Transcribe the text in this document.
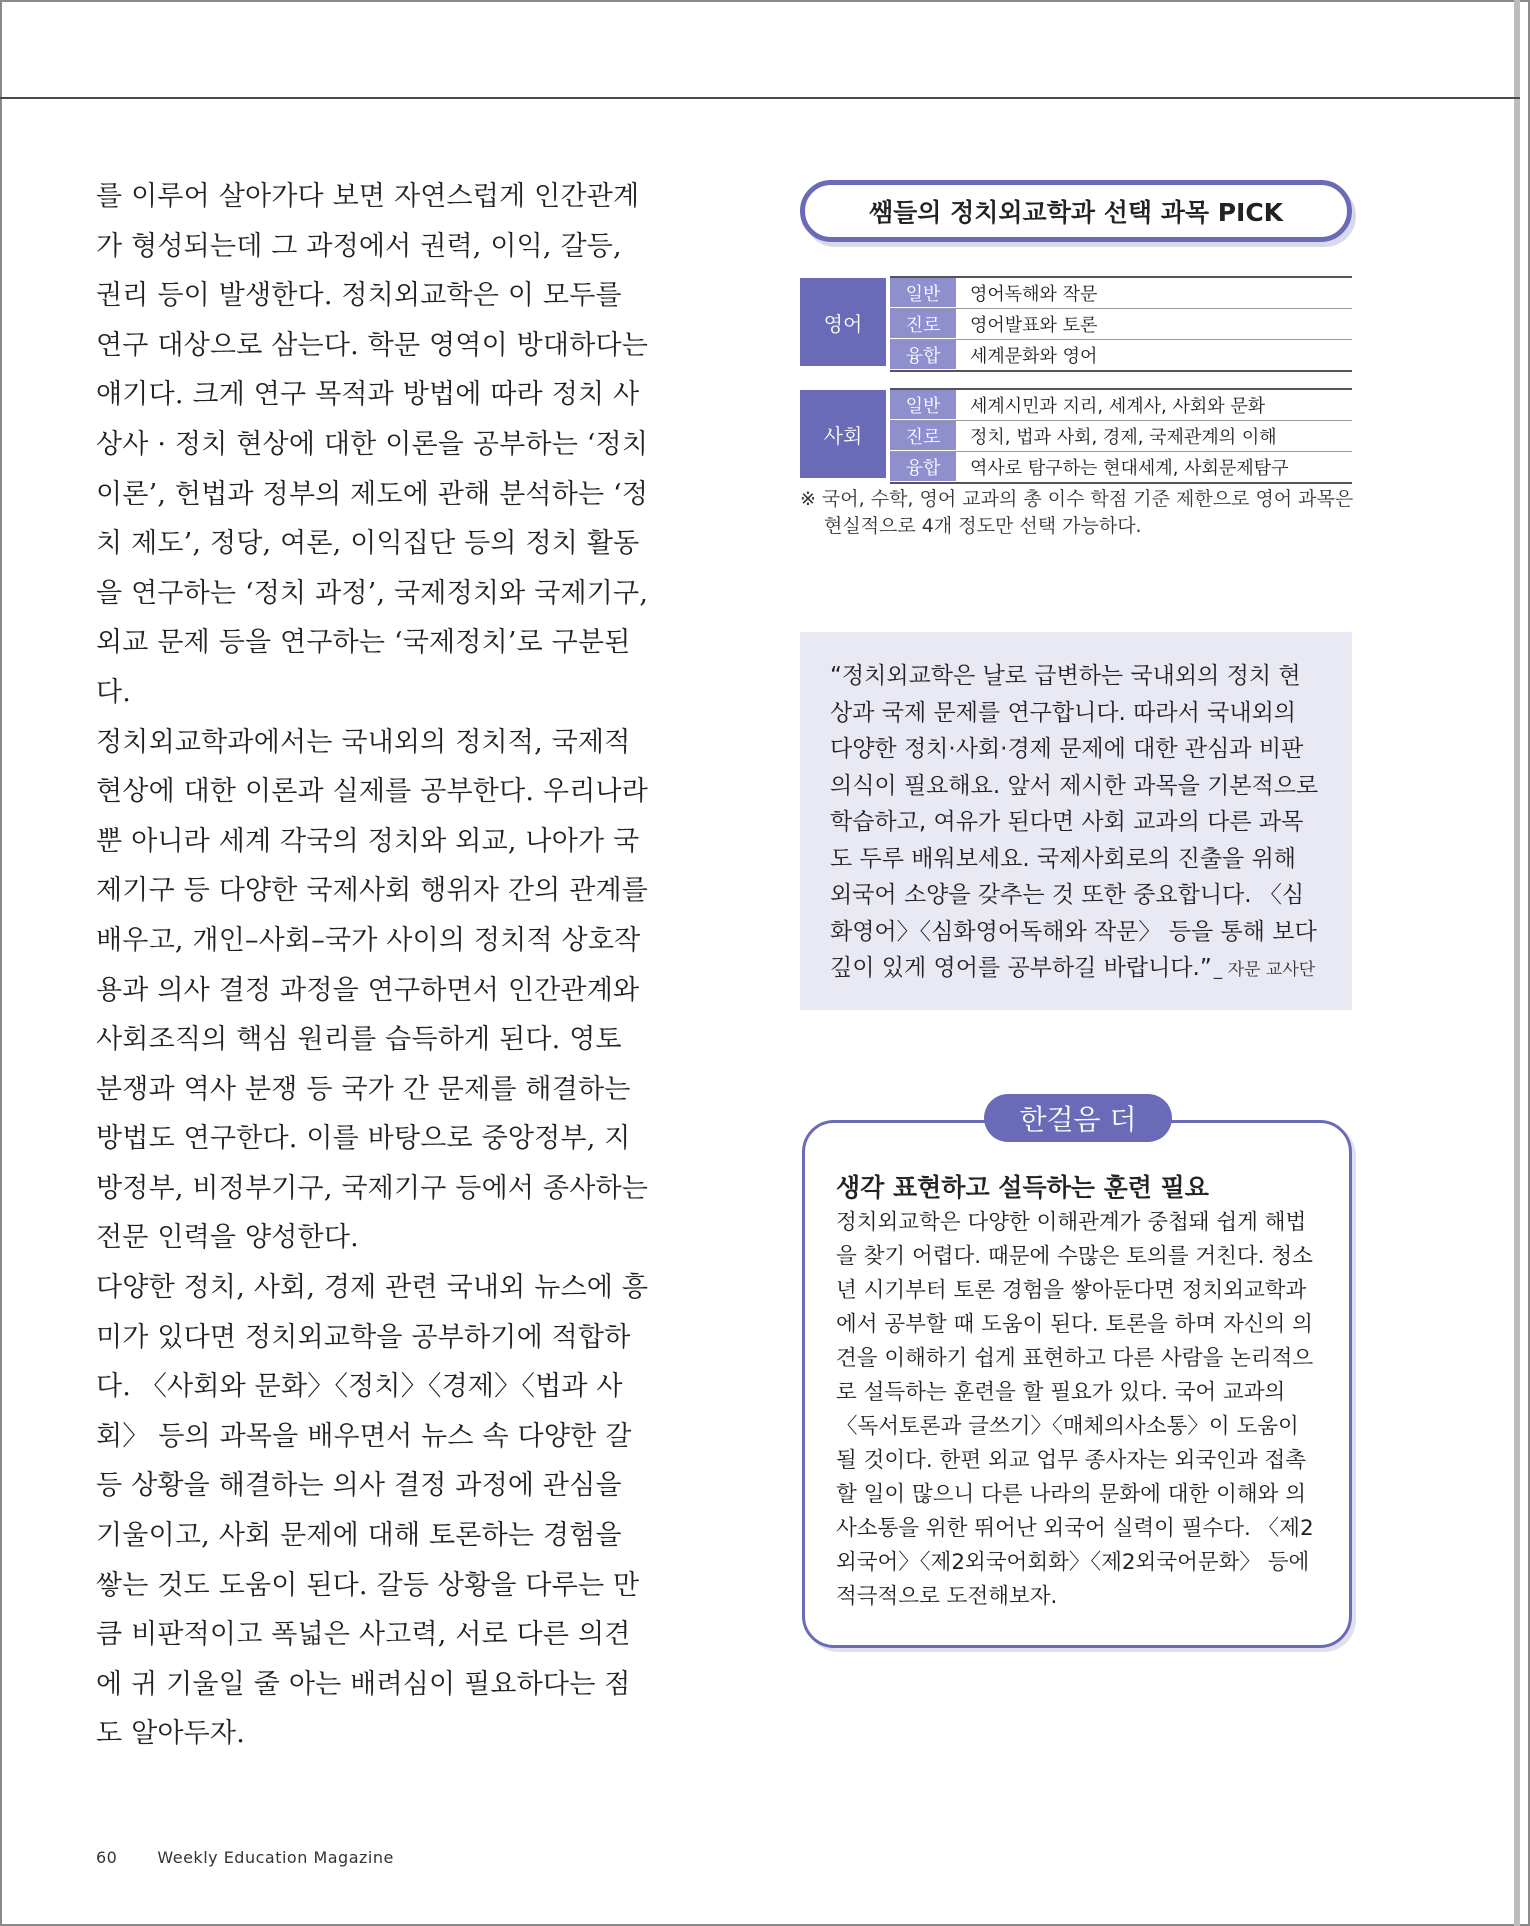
를 이루어 살아가다 보면 자연스럽게 인간관계가 형성되는데 그 과정에서 권력, 이익, 갈등, 권리 등이 발생한다. 정치외교학은 이 모두를 연구 대상으로 삼는다. 학문 영역이 방대하다는 얘기다. 크게 연구 목적과 방법에 따라 정치 사상사 · 정치 현상에 대한 이론을 공부하는 ‘정치 이론’, 헌법과 정부의 제도에 관해 분석하는 ‘정치 제도’, 정당, 여론, 이익집단 등의 정치 활동을 연구하는 ‘정치 과정’, 국제정치와 국제기구, 외교 문제 등을 연구하는 ‘국제정치’로 구분된다.

정치외교학과에서는 국내외의 정치적, 국제적 현상에 대한 이론과 실제를 공부한다. 우리나라뿐 아니라 세계 각국의 정치와 외교, 나아가 국제기구 등 다양한 국제사회 행위자 간의 관계를 배우고, 개인–사회–국가 사이의 정치적 상호작용과 의사 결정 과정을 연구하면서 인간관계와 사회조직의 핵심 원리를 습득하게 된다. 영토 분쟁과 역사 분쟁 등 국가 간 문제를 해결하는 방법도 연구한다. 이를 바탕으로 중앙정부, 지방정부, 비정부기구, 국제기구 등에서 종사하는 전문 인력을 양성한다.

다양한 정치, 사회, 경제 관련 국내외 뉴스에 흥미가 있다면 정치외교학을 공부하기에 적합하다. 〈사회와 문화〉〈정치〉〈경제〉〈법과 사회〉 등의 과목을 배우면서 뉴스 속 다양한 갈등 상황을 해결하는 의사 결정 과정에 관심을 기울이고, 사회 문제에 대해 토론하는 경험을 쌓는 것도 도움이 된다. 갈등 상황을 다루는 만큼 비판적이고 폭넓은 사고력, 서로 다른 의견에 귀 기울일 줄 아는 배려심이 필요하다는 점도 알아두자.

쌤들의 정치외교학과 선택 과목 PICK
영어
일반	영어독해와 작문
진로	영어발표와 토론
융합	세계문화와 영어
사회
일반	세계시민과 지리, 세계사, 사회와 문화
진로	정치, 법과 사회, 경제, 국제관계의 이해
융합	역사로 탐구하는 현대세계, 사회문제탐구
※ 국어, 수학, 영어 교과의 총 이수 학점 기준 제한으로 영어 과목은
현실적으로 4개 정도만 선택 가능하다.
“정치외교학은 날로 급변하는 국내외의 정치 현상과 국제 문제를 연구합니다. 따라서 국내외의 다양한 정치·사회·경제 문제에 대한 관심과 비판 의식이 필요해요. 앞서 제시한 과목을 기본적으로 학습하고, 여유가 된다면 사회 교과의 다른 과목도 두루 배워보세요. 국제사회로의 진출을 위해 외국어 소양을 갖추는 것 또한 중요합니다. 〈심화영어〉〈심화영어독해와 작문〉 등을 통해 보다 깊이 있게 영어를 공부하길 바랍니다.” _ 자문 교사단
한걸음 더
생각 표현하고 설득하는 훈련 필요
정치외교학은 다양한 이해관계가 중첩돼 쉽게 해법을 찾기 어렵다. 때문에 수많은 토의를 거친다. 청소년 시기부터 토론 경험을 쌓아둔다면 정치외교학과에서 공부할 때 도움이 된다. 토론을 하며 자신의 의견을 이해하기 쉽게 표현하고 다른 사람을 논리적으로 설득하는 훈련을 할 필요가 있다. 국어 교과의 〈독서토론과 글쓰기〉〈매체의사소통〉이 도움이 될 것이다. 한편 외교 업무 종사자는 외국인과 접촉할 일이 많으니 다른 나라의 문화에 대한 이해와 의사소통을 위한 뛰어난 외국어 실력이 필수다. 〈제2외국어〉〈제2외국어회화〉〈제2외국어문화〉 등에 적극적으로 도전해보자.
60	Weekly Education Magazine
